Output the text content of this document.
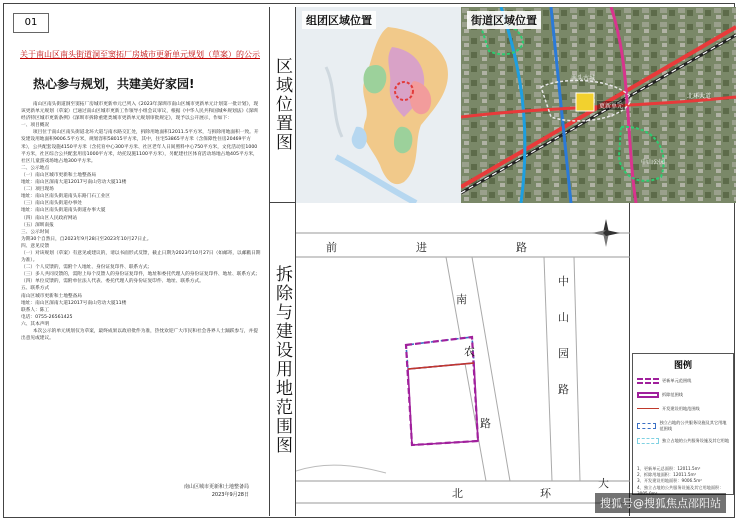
01
关于南山区南头街道洞至窦拓厂房城市更新单元规划（草案）的公示
热心参与规划，共建美好家园!
南山区南头街道洞至窦拓厂房城市更新单元已列入《2023年深圳市南山区城市更新单元计划第一批计划》，现该更新单元规划（草案）已通过南山区城市更新工作领导小组会议审议，根据《中华人民共和国城乡规划法》《深圳经济特区城市更新条例》《深圳市拆除重建类城市更新单元规划审批规定》，现予以公开展示，作如下：
一、项目概况
项目位于南山区南头街道北环大道与南水路交汇处，拆除用地面积12011.5平方米，与拆除用地面积一致。开发建设用地面积9006.5平方米，规划容积58015平方米，其中，住宅53865平方米（含保障性住房20469平方米），公共配套设施4150平方米（含托育中心300平方米、社区老年人日间照料中心750平方米，文化活动室1000平方米，社区综合公共配套用房1000平方米，幼托设施1100平方米），另配建社区体育活动场地占地405平方米，社区儿童游戏场地占地300平方米。
二、公示地点
（一）南山区城市更新和土地整备局
地址：南山区深南大道12017号南山劳动大厦11楼
（二）项目现场
地址：南山区南头街道南头东路门石工业区
（三）南山区南头街道办事处
地址：南山区南头街道南头街道办事大厦
（四）南山区人民政府网站
（五）深圳南报
三、公示时间
为期30个自然日，自2023年9月28日至2023年10月27日止。
四、意见反馈
（一）对该规划（草案）有意见或建议的，请以书面形式反馈，截止日期为2023年10月27日（如邮寄，以邮戳日期为准）。
（二）个人反馈的，需附个人地址、身份证复印件、联系方式；
（三）多人共同反馈的，需附上每个反馈人的身份证复印件，地址和委托代理人的身份证复印件、地址、联系方式；
（四）单位反馈的，需附单位法人代表、委托代理人的身份证复印件、地址、联系方式。
五、联系方式
南山区城市更新和土地整备局
地址：南山区深南大道12017号南山劳动大厦11楼
联系人：陈工
电话：0755-26561425
六、其本声明
本次公示的单元规划仅为草案，最终成果以政府批件为准，热忱欢迎广大市民和社会各界人士踊跃参与，并提出意见或建议。
南山区城市更新和土地整备局
2023年9月28日
区域位置图
拆除与建设用地范围图
组团区域位置	街道区域位置
南头古城
更新单元
北环大道
中山公园
前	进	路
南
农
路
中
山
园
路
北	环
大
图例
更新单元范围线
拆除范围线
开发建设用地范围线
独立占地的公共服务设施及其它用地范围线
独立占地的公共服务设施及其它用地
1、更新单元总面积：12011.5m²
2、拆除用地面积：12011.5m²
3、开发建设用地面积：9006.5m²
4、独立占地的公共服务设施及其它用地面积：
搜狐号@搜狐焦点邵阳站
